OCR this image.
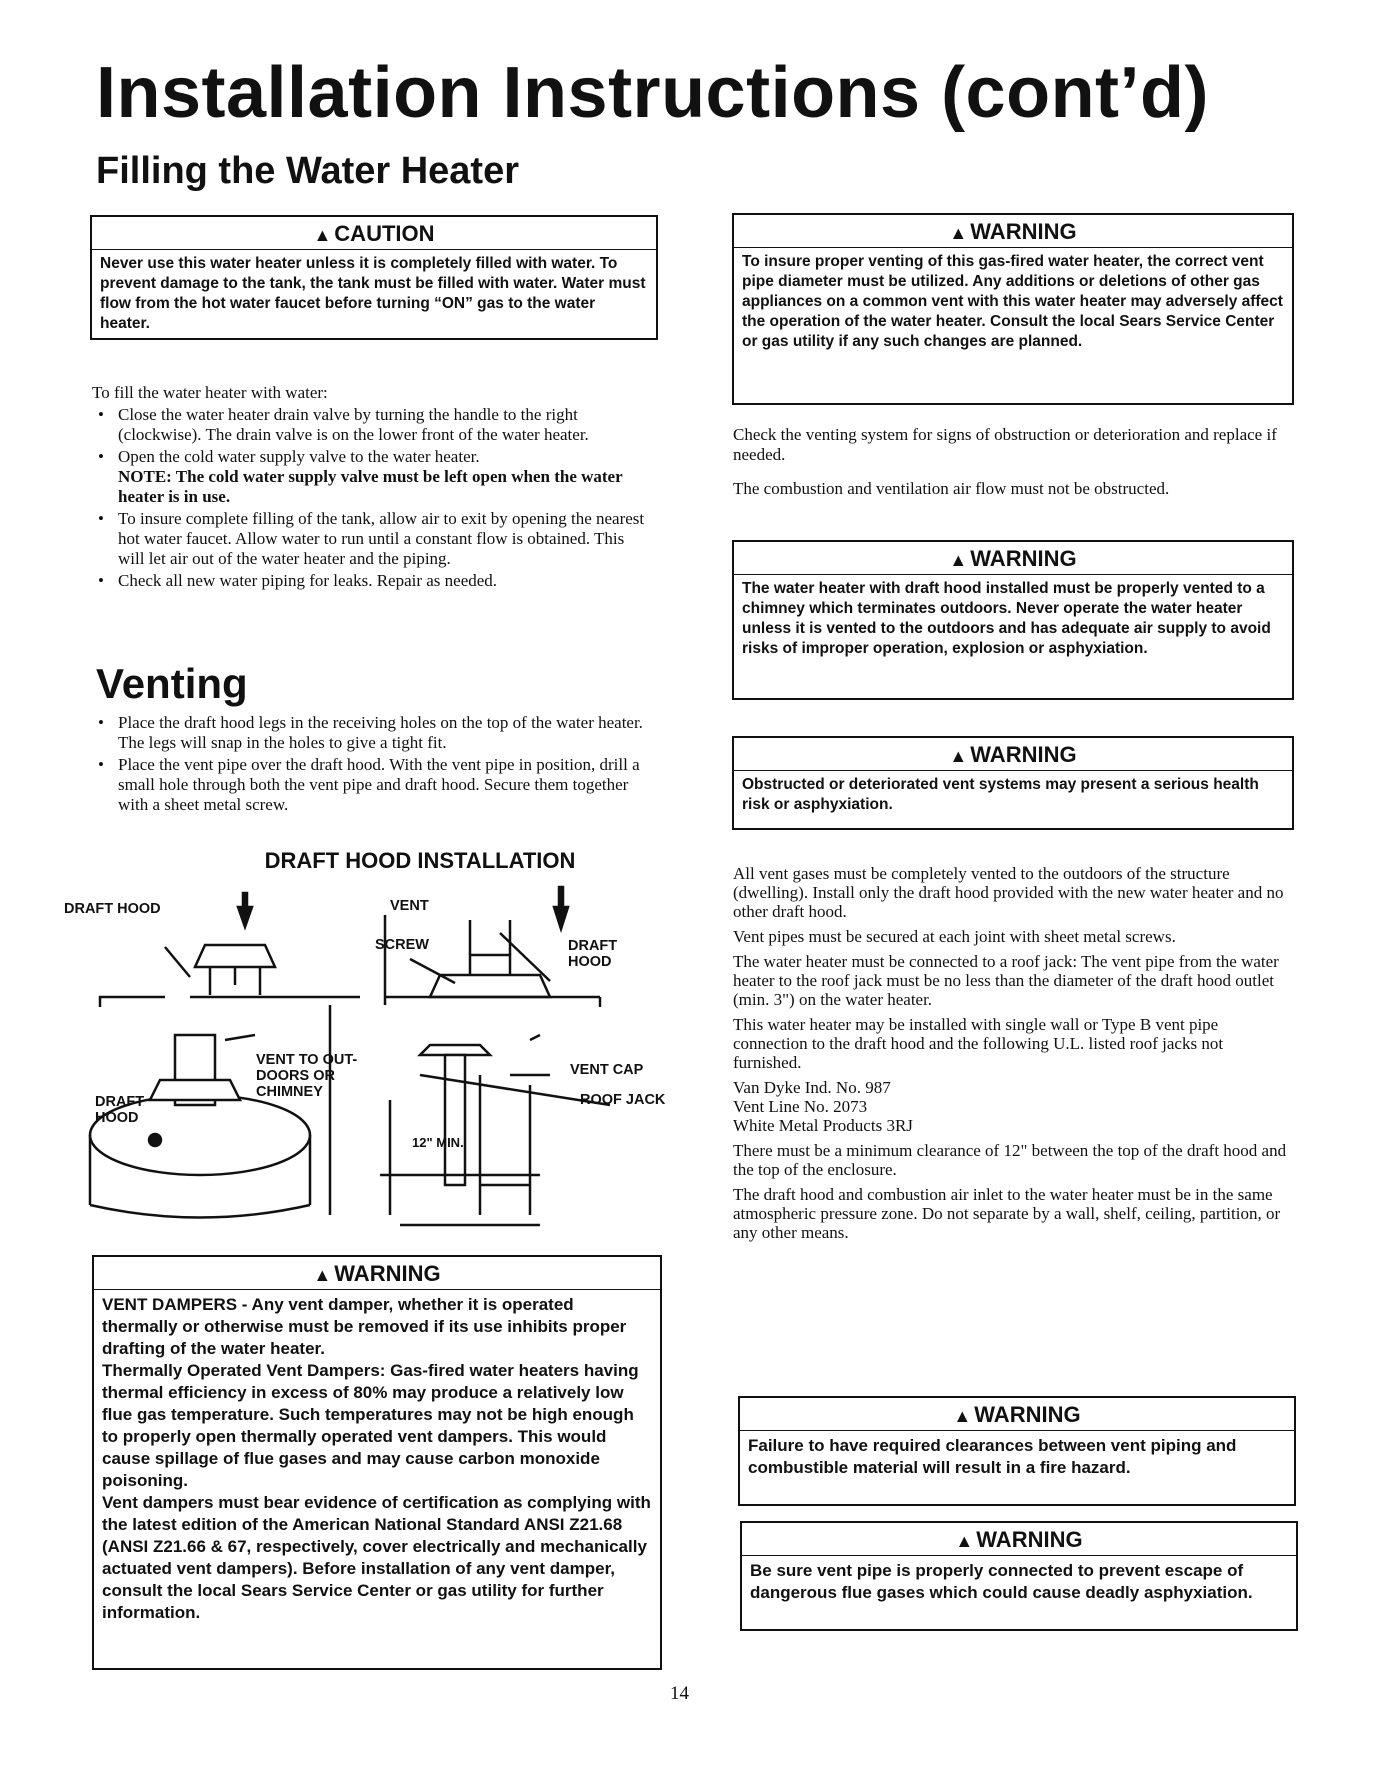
Installation Instructions (cont’d)
Filling the Water Heater
▲ CAUTION

Never use this water heater unless it is completely filled with water. To prevent damage to the tank, the tank must be filled with water. Water must flow from the hot water faucet before turning “ON” gas to the water heater.

To fill the water heater with water:
• Close the water heater drain valve by turning the handle to the right (clockwise). The drain valve is on the lower front of the water heater.
• Open the cold water supply valve to the water heater.
NOTE: The cold water supply valve must be left open when the water heater is in use.
• To insure complete filling of the tank, allow air to exit by opening the nearest hot water faucet. Allow water to run until a constant flow is obtained. This will let air out of the water heater and the piping.
• Check all new water piping for leaks. Repair as needed.
Venting
• Place the draft hood legs in the receiving holes on the top of the water heater. The legs will snap in the holes to give a tight fit.
• Place the vent pipe over the draft hood. With the vent pipe in position, drill a small hole through both the vent pipe and draft hood. Secure them together with a sheet metal screw.
DRAFT HOOD INSTALLATION
DRAFT HOOD	VENT
SCREW	DRAFT HOOD
VENT TO OUT- DOORS OR CHIMNEY
DRAFT HOOD
VENT CAP
ROOF JACK
12" MIN.
▲ WARNING

VENT DAMPERS - Any vent damper, whether it is operated thermally or otherwise must be removed if its use inhibits proper drafting of the water heater.

Thermally Operated Vent Dampers: Gas-fired water heaters having thermal efficiency in excess of 80% may produce a relatively low flue gas temperature. Such temperatures may not be high enough to properly open thermally operated vent dampers. This would cause spillage of flue gases and may cause carbon monoxide poisoning.

Vent dampers must bear evidence of certification as complying with the latest edition of the American National Standard ANSI Z21.68 (ANSI Z21.66 & 67, respectively, cover electrically and mechanically actuated vent dampers). Before installation of any vent damper, consult the local Sears Service Center or gas utility for further information.

▲ WARNING

To insure proper venting of this gas-fired water heater, the correct vent pipe diameter must be utilized. Any additions or deletions of other gas appliances on a common vent with this water heater may adversely affect the operation of the water heater. Consult the local Sears Service Center or gas utility if any such changes are planned.

Check the venting system for signs of obstruction or deterioration and replace if needed.

The combustion and ventilation air flow must not be obstructed.

▲ WARNING

The water heater with draft hood installed must be properly vented to a chimney which terminates outdoors. Never operate the water heater unless it is vented to the outdoors and has adequate air supply to avoid risks of improper operation, explosion or asphyxiation.

▲ WARNING

Obstructed or deteriorated vent systems may present a serious health risk or asphyxiation.

All vent gases must be completely vented to the outdoors of the structure (dwelling). Install only the draft hood provided with the new water heater and no other draft hood.

Vent pipes must be secured at each joint with sheet metal screws.

The water heater must be connected to a roof jack: The vent pipe from the water heater to the roof jack must be no less than the diameter of the draft hood outlet (min. 3") on the water heater.

This water heater may be installed with single wall or Type B vent pipe connection to the draft hood and the following U.L. listed roof jacks not furnished.

Van Dyke Ind. No. 987
Vent Line No. 2073
White Metal Products 3RJ

There must be a minimum clearance of 12" between the top of the draft hood and the top of the enclosure.

The draft hood and combustion air inlet to the water heater must be in the same atmospheric pressure zone. Do not separate by a wall, shelf, ceiling, partition, or any other means.

▲ WARNING

Failure to have required clearances between vent piping and combustible material will result in a fire hazard.

▲ WARNING

Be sure vent pipe is properly connected to prevent escape of dangerous flue gases which could cause deadly asphyxiation.

14
